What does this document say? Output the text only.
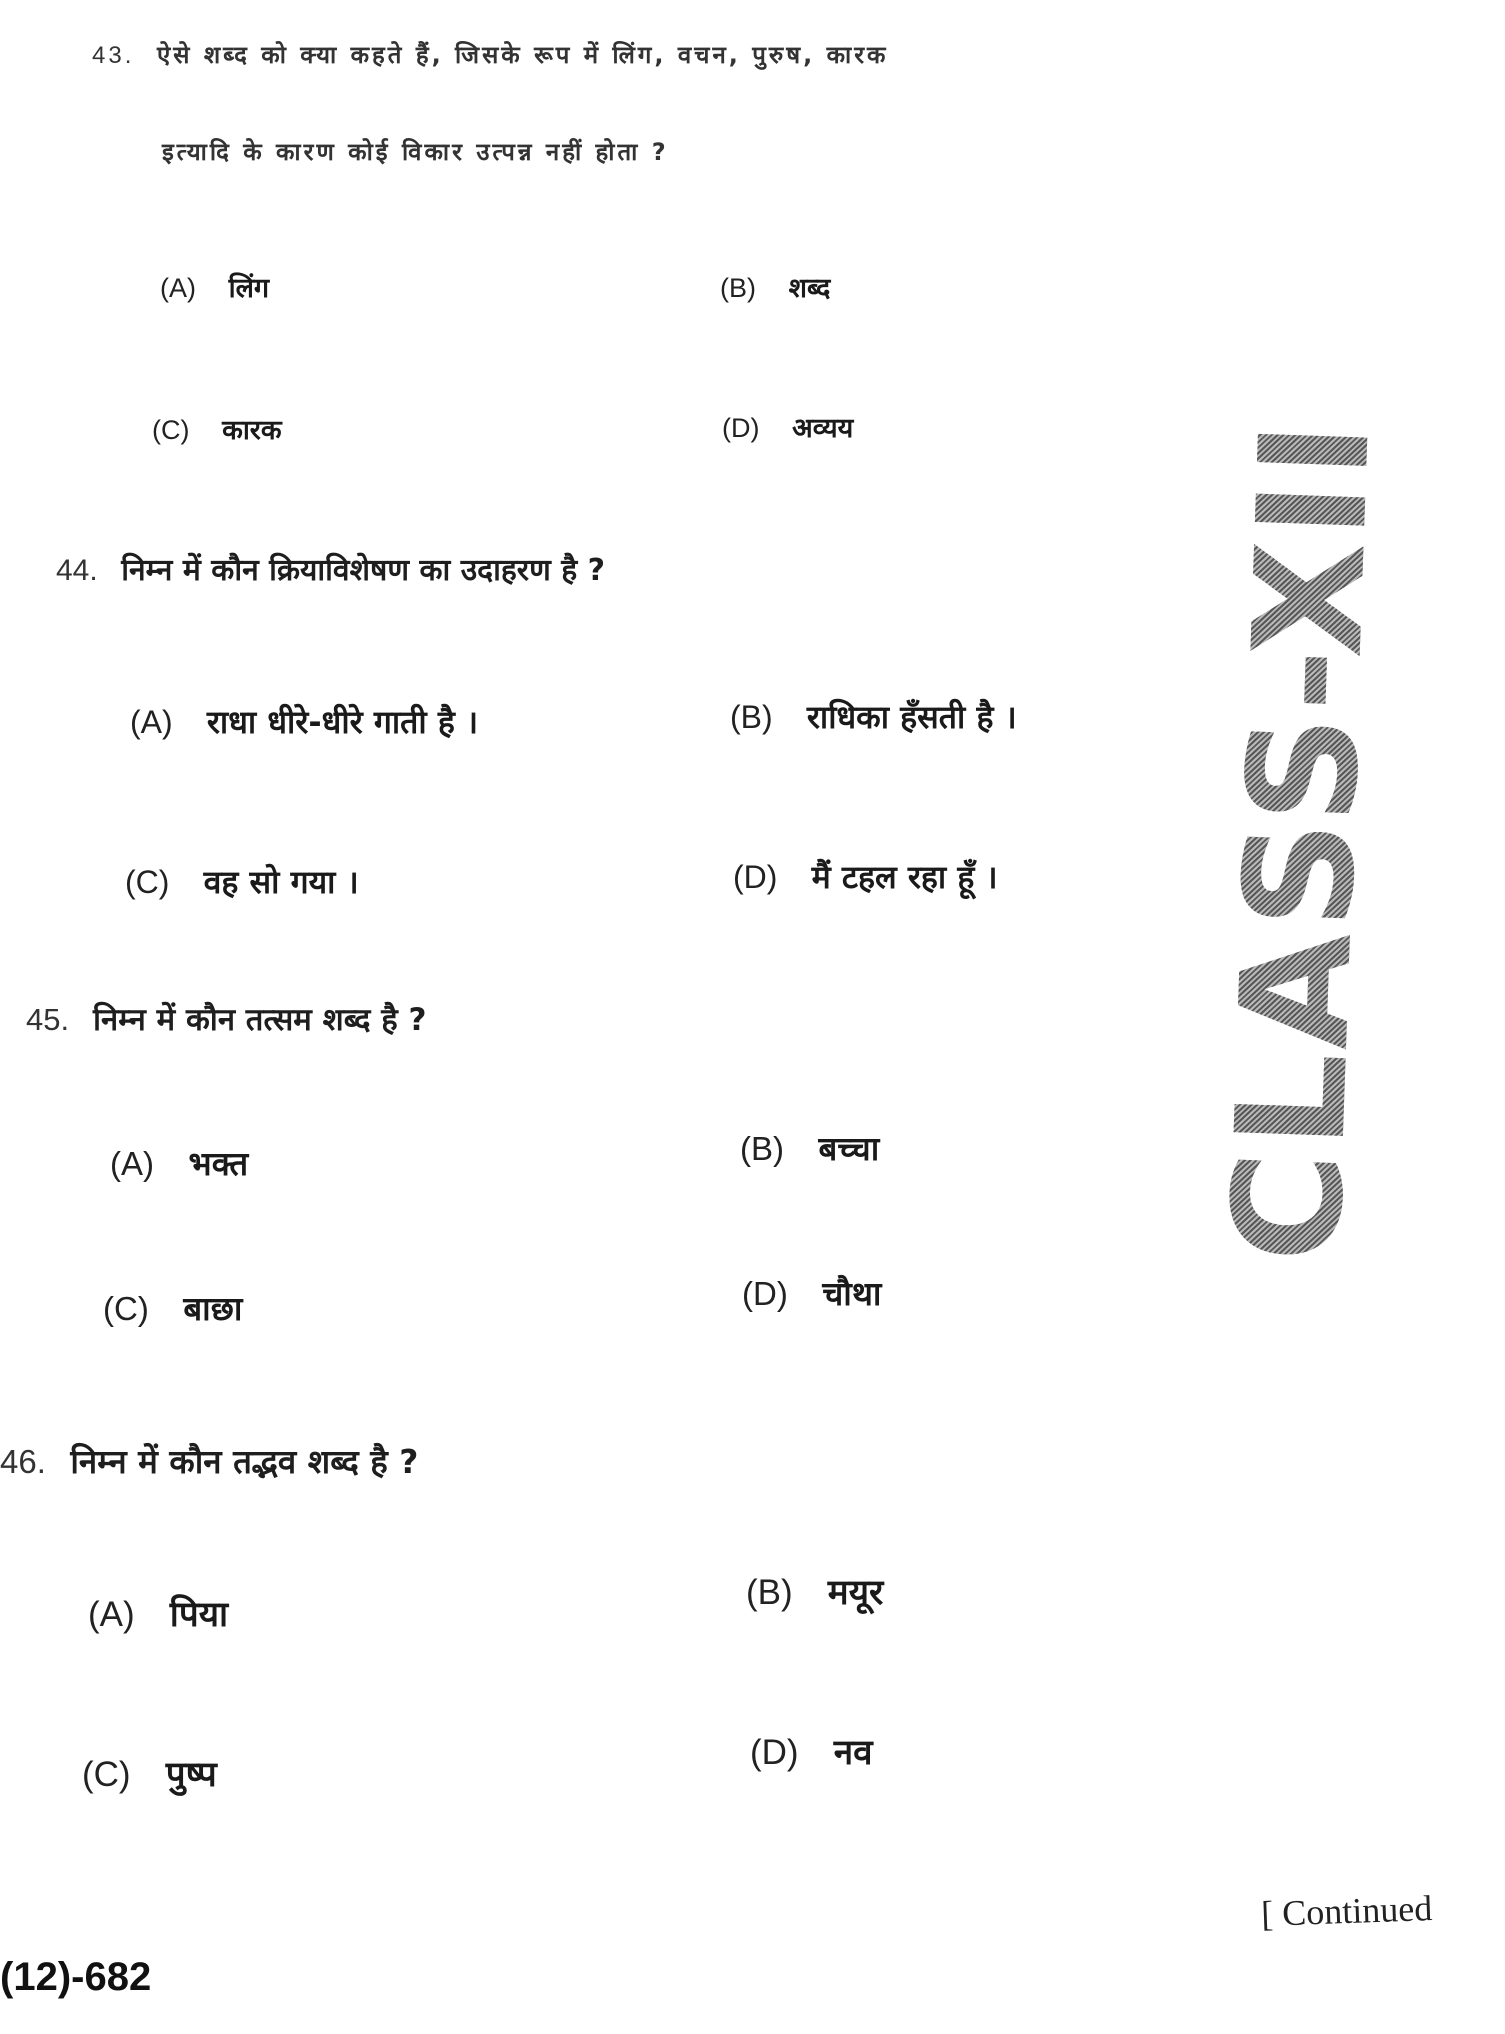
43. ऐसे शब्द को क्या कहते हैं, जिसके रूप में लिंग, वचन, पुरुष, कारक
इत्यादि के कारण कोई विकार उत्पन्न नहीं होता ?
(A) लिंग	(B) शब्द
(C) कारक	(D) अव्यय
44. निम्न में कौन क्रियाविशेषण का उदाहरण है ?
(A) राधा धीरे-धीरे गाती है ।	(B) राधिका हँसती है ।
(C) वह सो गया ।	(D) मैं टहल रहा हूँ ।
45. निम्न में कौन तत्सम शब्द है ?
(A) भक्त	(B) बच्चा
(C) बाछा	(D) चौथा
46. निम्न में कौन तद्भव शब्द है ?
(A) पिया
(B) मयूर
(C) पुष्प
(D) नव
[ Continued
(12)-682
CLASS-XII
